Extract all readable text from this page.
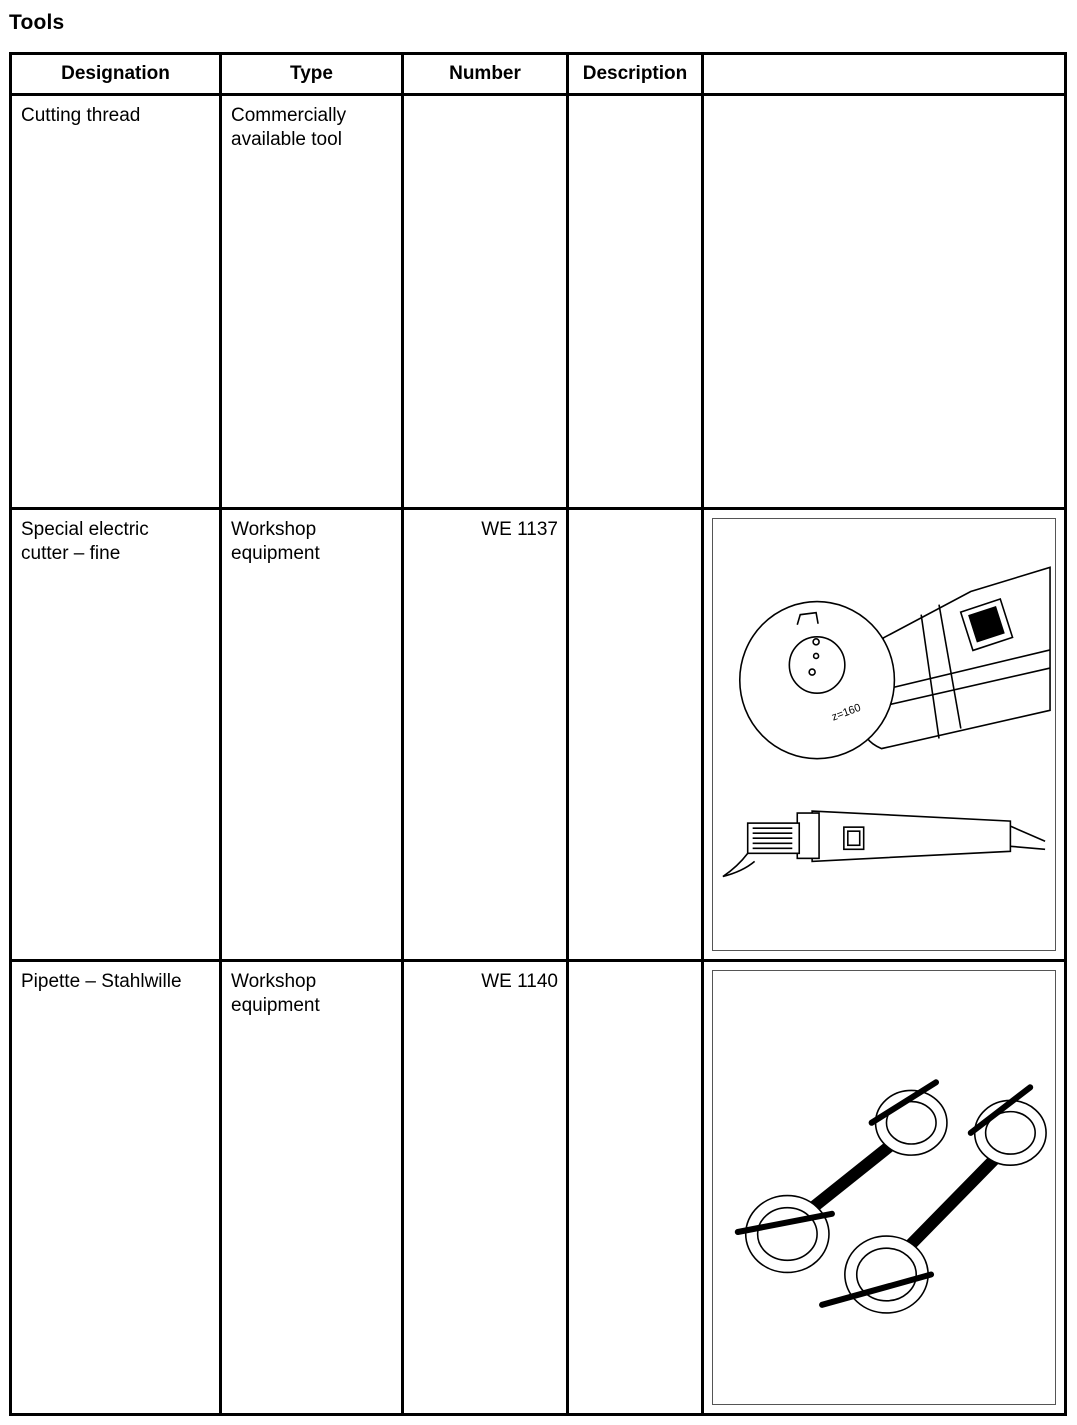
Tools
Designation	Type	Number	Description	

Cutting thread	Commercially
available tool			

Special electric
cutter – fine	Workshop
equipment	WE 1137		z=160

Pipette – Stahlwille	Workshop
equipment	WE 1140
